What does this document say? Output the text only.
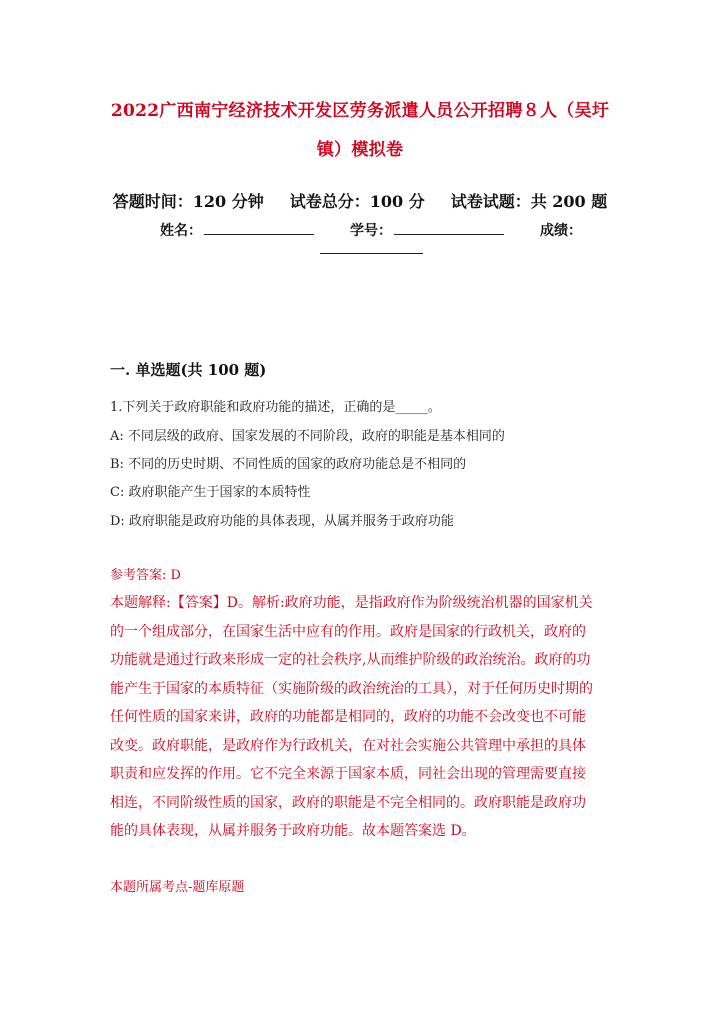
2022广西南宁经济技术开发区劳务派遣人员公开招聘８人（吴圩
镇）模拟卷
答题时间：120 分钟 试卷总分：100 分 试卷试题：共 200 题
姓名：	学号：	成绩：
一. 单选题(共 100 题)
1.下列关于政府职能和政府功能的描述，正确的是_____。
A: 不同层级的政府、国家发展的不同阶段，政府的职能是基本相同的
B: 不同的历史时期、不同性质的国家的政府功能总是不相同的
C: 政府职能产生于国家的本质特性
D: 政府职能是政府功能的具体表现，从属并服务于政府功能
参考答案: D
本题解释:【答案】D。解析:政府功能，是指政府作为阶级统治机器的国家机关
的一个组成部分，在国家生活中应有的作用。政府是国家的行政机关，政府的
功能就是通过行政来形成一定的社会秩序,从而维护阶级的政治统治。政府的功
能产生于国家的本质特征（实施阶级的政治统治的工具），对于任何历史时期的
任何性质的国家来讲，政府的功能都是相同的，政府的功能不会改变也不可能
改变。政府职能，是政府作为行政机关，在对社会实施公共管理中承担的具体
职责和应发挥的作用。它不完全来源于国家本质，同社会出现的管理需要直接
相连，不同阶级性质的国家，政府的职能是不完全相同的。政府职能是政府功
能的具体表现，从属并服务于政府功能。故本题答案选 D。
本题所属考点-题库原题
